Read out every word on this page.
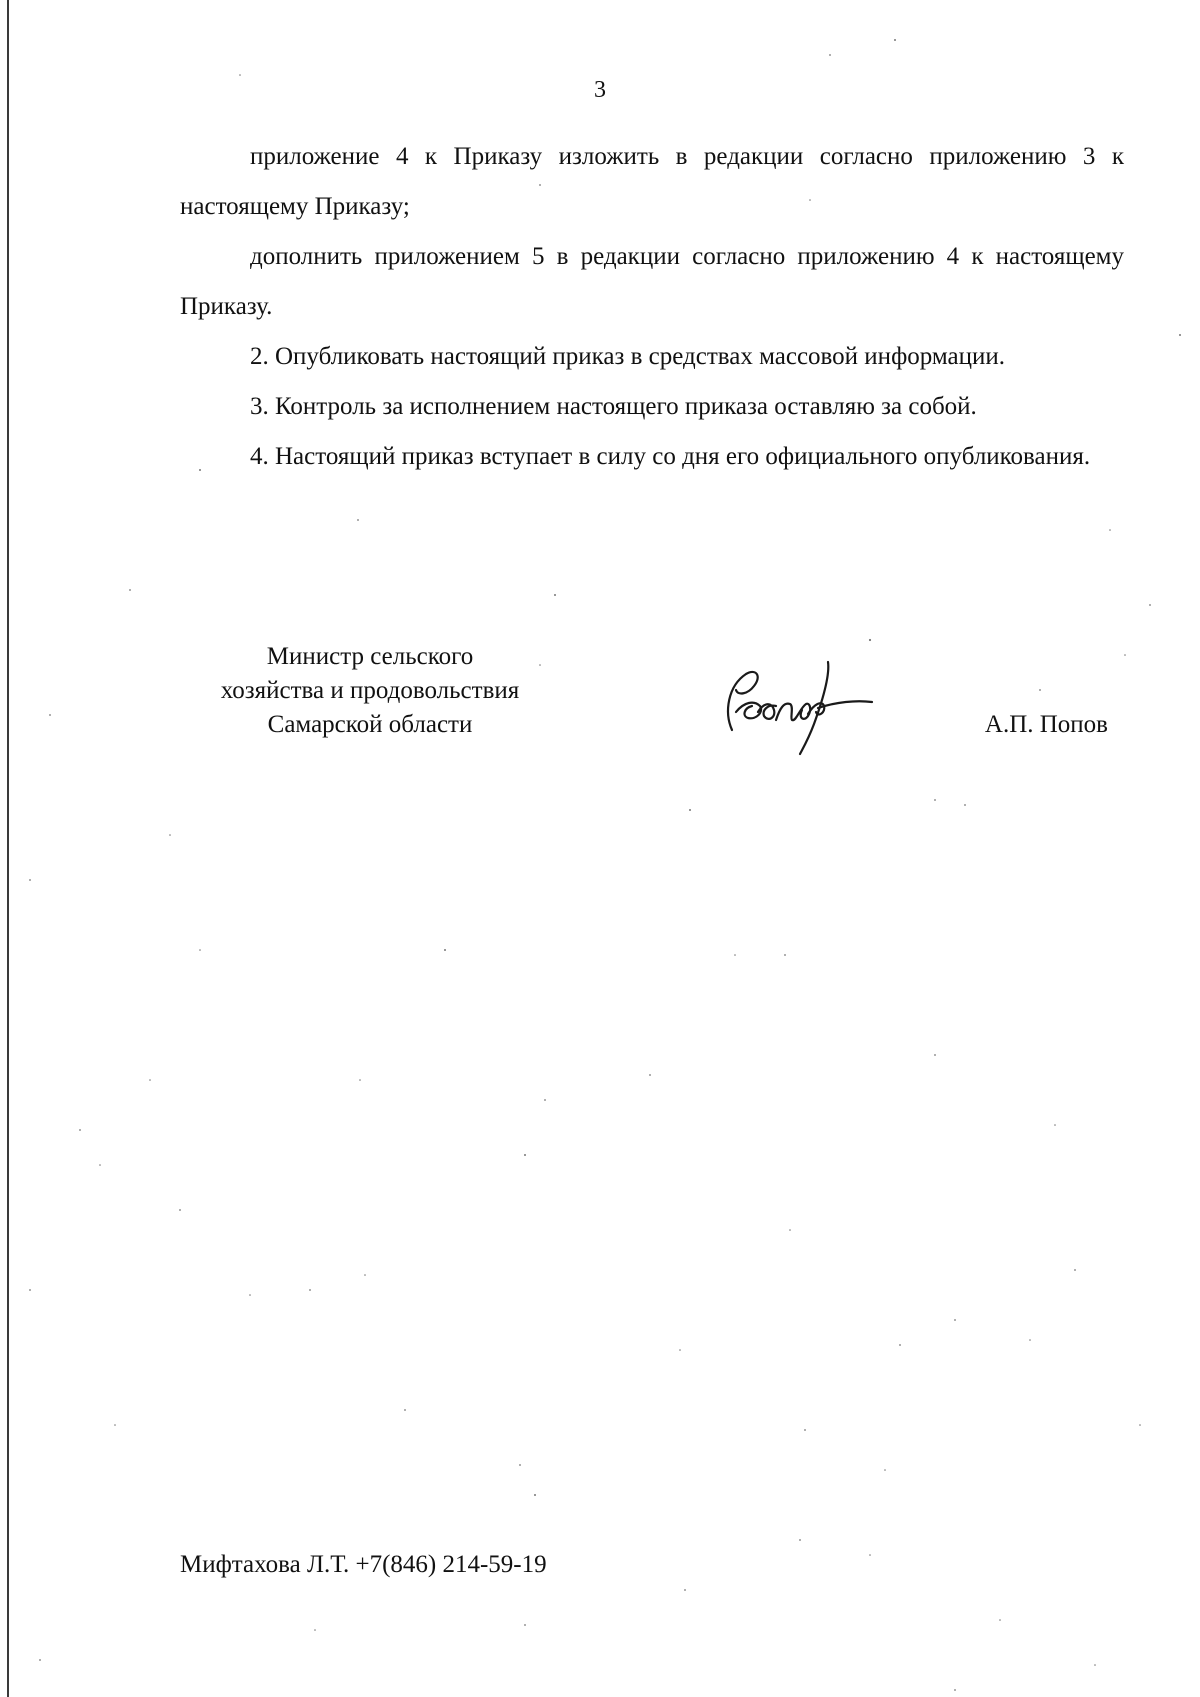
3

приложение 4 к Приказу изложить в редакции согласно приложению 3 к настоящему Приказу;

дополнить приложением 5 в редакции согласно приложению 4 к настоящему Приказу.

2. Опубликовать настоящий приказ в средствах массовой информации.

3. Контроль за исполнением настоящего приказа оставляю за собой.

4. Настоящий приказ вступает в силу со дня его официального опубликования.

Министр сельского
хозяйства и продовольствия
Самарской области	А.П. Попов
Мифтахова Л.Т. +7(846) 214-59-19
